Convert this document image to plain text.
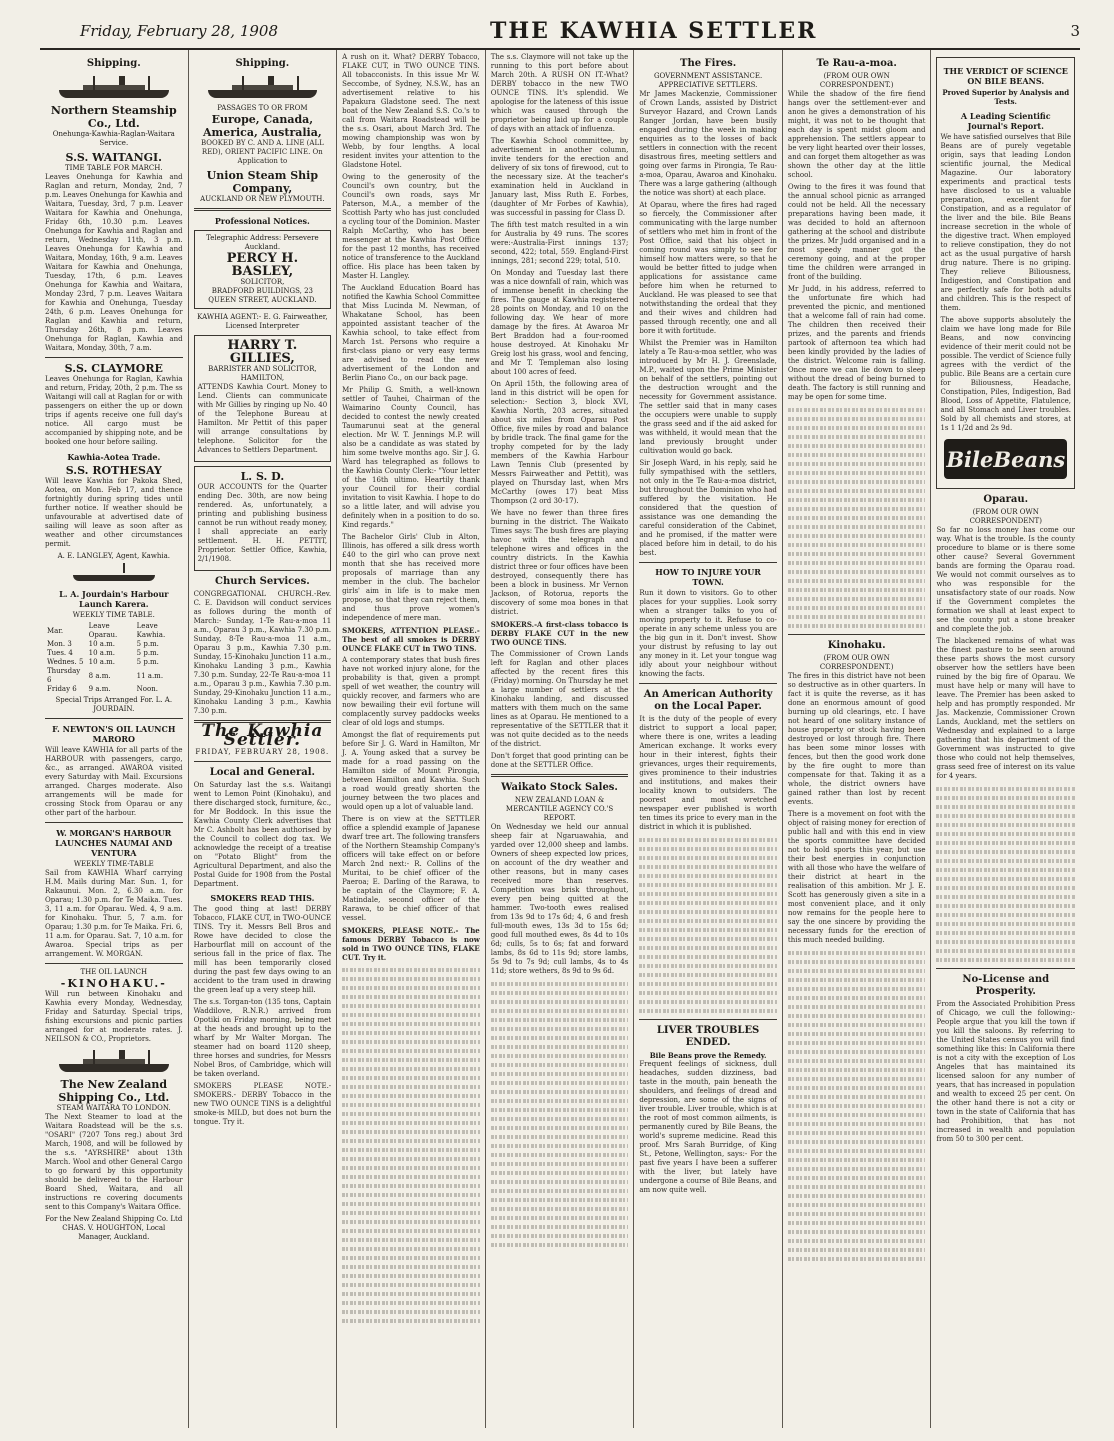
Friday, February 28, 1908	THE KAWHIA SETTLER	3
Shipping.
Northern Steamship Co., Ltd.
Onehunga-Kawhia-Raglan-Waitara Service.
S.S. WAITANGI.
TIME TABLE FOR MARCH.
Leaves Onehunga for Kawhia and Raglan and return, Monday, 2nd, 7 p.m. Leaves Onehunga for Kawhia and Waitara, Tuesday, 3rd, 7 p.m. Leaver Waitara for Kawhia and Onehunga, Friday 6th, 10.30 p.m. Leaves Onehunga for Kawhia and Raglan and return, Wednesday 11th, 3 p.m. Leaves Onehunga for Kawhia and Waitara, Monday, 16th, 9 a.m. Leaves Waitara for Kawhia and Onehunga, Tuesday, 17th, 6 p.m. Leaves Onehunga for Kawhia and Waitara, Monday 23rd, 7 p.m. Leaves Waitara for Kawhia and Onehunga, Tuesday 24th, 6 p.m. Leaves Onehunga for Raglan and Kawhia and return, Thursday 26th, 8 p.m. Leaves Onehunga for Raglan, Kawhia and Waitara, Monday, 30th, 7 a.m.
S.S. CLAYMORE
Leaves Onehunga for Raglan, Kawhia and return, Friday, 20th, 2 p.m. The ss Waitangi will call at Raglan for or with passengers on either the up or down trips if agents receive one full day's notice. All cargo must be accompanied by shipping note, and be booked one hour before sailing.
Kawhia-Aotea Trade.
S.S. ROTHESAY
Will leave Kawhia for Pakoka Shed, Aotea, on Mon. Feb 17, and thence fortnightly during spring tides until further notice. If weather should be unfavourable at advertised date of sailing will leave as soon after as weather and other circumstances permit.
A. E. LANGLEY, Agent, Kawhia.
L. A. Jourdain's Harbour Launch Karera.
WEEKLY TIME TABLE.
Mar.	Leave Oparau.	Leave Kawhia.
Mon. 3	10 a.m.	5 p.m.
Tues. 4	10 a.m.	5 p.m.
Wednes. 5	10 a.m.	5 p.m.
Thursday 6	8 a.m.	11 a.m.
Friday 6	9 a.m.	Noon.
Special Trips Arranged For. L. A. JOURDAIN.
F. NEWTON'S OIL LAUNCH MARORO
Will leave KAWHIA for all parts of the HARBOUR with passengers, cargo, &c., as arranged. AWAROA visited every Saturday with Mail. Excursions arranged. Charges moderate. Also arrangements will be made for crossing Stock from Oparau or any other part of the harbour.
W. MORGAN'S HARBOUR LAUNCHES NAUMAI AND VENTURA
WEEKLY TIME-TABLE
Sail from KAWHIA Wharf carrying H.M. Mails during Mar. Sun. 1, for Rakaunui. Mon. 2, 6.30 a.m. for Oparau; 1.30 p.m. for Te Maika. Tues. 3, 11 a.m. for Oparau. Wed. 4, 9 a.m. for Kinohaku. Thur. 5, 7 a.m. for Oparau; 1.30 p.m. for Te Maika. Fri. 6, 11 a.m. for Oparau. Sat. 7, 10 a.m. for Awaroa. Special trips as per arrangement. W. MORGAN.
THE OIL LAUNCH
-KINOHAKU.-
Will run between Kinohaku and Kawhia every Monday, Wednesday, Friday and Saturday. Special trips, fishing excursions and picnic parties arranged for at moderate rates. J. NEILSON & CO., Proprietors.
The New Zealand Shipping Co., Ltd.
STEAM WAITARA TO LONDON.
The Next Steamer to load at the Waitara Roadstead will be the s.s. "OSARI" (7207 Tons reg.) about 3rd March, 1908, and will be followed by the s.s. "AYRSHIRE" about 13th March. Wool and other General Cargo to go forward by this opportunity should be delivered to the Harbour Board Shed, Waitara, and all instructions re covering documents sent to this Company's Waitara Office.
For the New Zealand Shipping Co. Ltd CHAS. V. HOUGHTON, Local Manager, Auckland.
Shipping.
PASSAGES TO OR FROM
Europe, Canada, America, Australia,
BOOKED BY C. AND A. LINE (ALL RED), ORIENT PACIFIC LINE. On Application to
Union Steam Ship Company,
AUCKLAND OR NEW PLYMOUTH.
Professional Notices.
Telegraphic Address: Persevere Auckland.
PERCY H. BASLEY,
SOLICITOR,
BRADFORD BUILDINGS, 23 QUEEN STREET, AUCKLAND.
KAWHIA AGENT:- E. G. Fairweather, Licensed Interpreter
HARRY T. GILLIES,
BARRISTER AND SOLICITOR, HAMILTON,
ATTENDS Kawhia Court. Money to Lend. Clients can communicate with Mr Gillies by ringing up No. 40 of the Telephone Bureau at Hamilton. Mr Pettit of this paper will arrange consultations by telephone. Solicitor for the Advances to Settlers Department.
L. S. D.
OUR ACCOUNTS for the Quarter ending Dec. 30th, are now being rendered. As, unfortunately, a printing and publishing business cannot be run without ready money, I shall appreciate an early settlement. H. H. PETTIT, Proprietor. Settler Office, Kawhia, 2/1/1908.
Church Services.
CONGREGATIONAL CHURCH.-Rev. C. E. Davidson will conduct services as follows during the month of March:- Sunday, 1-Te Rau-a-moa 11 a.m., Oparau 3 p.m., Kawhia 7.30 p.m. Sunday, 8-Te Rau-a-moa 11 a.m., Oparau 3 p.m., Kawhia 7.30 p.m. Sunday, 15-Kinohaku Junction 11 a.m., Kinohaku Landing 3 p.m., Kawhia 7.30 p.m. Sunday, 22-Te Rau-a-moa 11 a.m., Oparau 3 p.m., Kawhia 7.30 p.m. Sunday, 29-Kinohaku Junction 11 a.m., Kinohaku Landing 3 p.m., Kawhia 7.30 p.m.
The Kawhia Settler.
FRIDAY, FEBRUARY 28, 1908.
Local and General.
On Saturday last the s.s. Waitangi went to Lemon Point (Kinohaku), and there discharged stock, furniture, &c., for Mr Boddock. In this issue the Kawhia County Clerk advertises that Mr C. Ashbolt has been authorised by the Council to collect dog tax. We acknowledge the receipt of a treatise on "Potato Blight" from the Agricultural Department, and also the Postal Guide for 1908 from the Postal Department.
SMOKERS READ THIS.
The good thing at last! DERBY Tobacco, FLAKE CUT, in TWO-OUNCE TINS. Try it. Messrs Bell Bros and Rowe have decided to close the Harbourflat mill on account of the serious fall in the price of flax. The mill has been temporarily closed during the past few days owing to an accident to the tram used in drawing the green leaf up a very steep hill.
The s.s. Torgan-ton (135 tons, Captain Waddilove, R.N.R.) arrived from Opotiki on Friday morning, being met at the heads and brought up to the wharf by Mr Walter Morgan. The steamer had on board 1120 sheep, three horses and sundries, for Messrs Nobel Bros, of Cambridge, which will be taken overland.
SMOKERS PLEASE NOTE.- SMOKERS.- DERBY Tobacco in the new TWO OUNCE TINS is a delightful smoke-is MILD, but does not burn the tongue. Try it.
A rush on it. What? DERBY Tobacco, FLAKE CUT, in TWO OUNCE TINS. All tobacconists. In this issue Mr W. Seccombe, of Sydney, N.S.W., has an advertisement relative to his Papakura Gladstone seed. The next boat of the New Zealand S.S. Co.'s to call from Waitara Roadstead will be the s.s. Osari, about March 3rd. The mowing championship was won by Webb, by four lengths. A local resident invites your attention to the Gladstone Hotel.
Owing to the generosity of the Council's own country, but the Council's own roads, says Mr Paterson, M.A., a member of the Scottish Party who has just concluded a cycling tour of the Dominion. Master Ralph McCarthy, who has been messenger at the Kawhia Post Office for the past 12 months, has received notice of transference to the Auckland office. His place has been taken by Master H. Langley.
The Auckland Education Board has notified the Kawhia School Committee that Miss Lucinda M. Newman, of Whakatane School, has been appointed assistant teacher of the Kawhia school, to take effect from March 1st. Persons who require a first-class piano or very easy terms are advised to read the new advertisement of the London and Berlin Piano Co., on our back page.
Mr Philip G. Smith, a well-known settler of Tauhei, Chairman of the Waimarino County Council, has decided to contest the newly created Taumarunui seat at the general election. Mr W. T. Jennings M.P. will also be a candidate as was stated by him some twelve months ago. Sir J. G. Ward has telegraphed as follows to the Kawhia County Clerk:- "Your letter of the 16th ultimo. Heartily thank your Council for their cordial invitation to visit Kawhia. I hope to do so a little later, and will advise you definitely when in a position to do so. Kind regards."
The Bachelor Girls' Club in Alton, Illinois, has offered a silk dress worth £40 to the girl who can prove next month that she has received more proposals of marriage than any member in the club. The bachelor girls' aim in life is to make men propose, so that they can reject them, and thus prove women's independence of mere man.
SMOKERS, ATTENTION PLEASE.- The best of all smokes is DERBY OUNCE FLAKE CUT in TWO TINS.
A contemporary states that bush fires have not worked injury alone, for the probability is that, given a prompt spell of wet weather, the country will quickly recover, and farmers who are now bewailing their evil fortune will complacently survey paddocks weeks clear of old logs and stumps.
Amongst the flat of requirements put before Sir J. G. Ward in Hamilton, Mr J. A. Young asked that a survey be made for a road passing on the Hamilton side of Mount Pirongia, between Hamilton and Kawhia. Such a road would greatly shorten the journey between the two places and would open up a lot of valuable land.
There is on view at the SETTLER office a splendid example of Japanese dwarf tree art. The following transfers of the Northern Steamship Company's officers will take effect on or before March 2nd next:- R. Collins of the Muritai, to be chief officer of the Paeroa; E. Darling of the Rarawa, to be captain of the Claymore; F. A. Matindale, second officer of the Rarawa, to be chief officer of that vessel.
SMOKERS, PLEASE NOTE.- The famous DERBY Tobacco is now sold in TWO OUNCE TINS, FLAKE CUT. Try it.
The s.s. Claymore will not take up the running to this port before about March 20th. A RUSH ON IT.-What? DERBY tobacco in the new TWO OUNCE TINS. It's splendid. We apologise for the lateness of this issue which was caused through the proprietor being laid up for a couple of days with an attack of influenza.
The Kawhia School committee, by advertisement in another column, invite tenders for the erection and delivery of six tons of firewood, cut to the necessary size. At the teacher's examination held in Auckland in January last, Miss Ruth E. Forbes, (daughter of Mr Forbes of Kawhia), was successful in passing for Class D.
The fifth test match resulted in a win for Australia by 49 runs. The scores were:-Australia-First innings 137; second, 422; total, 559. England-First innings, 281; second 229; total, 510.
On Monday and Tuesday last there was a nice downfall of rain, which was of immense benefit in checking the fires. The gauge at Kawhia registered 28 points on Monday, and 10 on the following day. We hear of more damage by the fires. At Awaroa Mr Bert Braddon had a four-roomed house destroyed. At Kinohaku Mr Greig lost his grass, wool and fencing, and Mr T. Templeman also losing about 100 acres of feed.
On April 15th, the following area of land in this district will be open for selection:- Section 3, block XVI, Kawhia North, 203 acres, situated about six miles from Oparau Post Office, five miles by road and balance by bridle track. The final game for the trophy competed for by the lady members of the Kawhia Harbour Lawn Tennis Club (presented by Messrs Fairweather and Pettit), was played on Thursday last, when Mrs McCarthy (owes 17) beat Miss Thompson (2 ord 30-17).
We have no fewer than three fires burning in the district. The Waikato Times says: The bush fires are playing havoc with the telegraph and telephone wires and offices in the country districts. In the Kawhia district three or four offices have been destroyed, consequently there has been a block in business. Mr Vernon Jackson, of Rotorua, reports the discovery of some moa bones in that district.
SMOKERS.-A first-class tobacco is DERBY FLAKE CUT in the new TWO OUNCE TINS.
The Commissioner of Crown Lands left for Raglan and other places affected by the recent fires this (Friday) morning. On Thursday he met a large number of settlers at the Kinohaku landing, and discussed matters with them much on the same lines as at Oparau. He mentioned to a representative of the SETTLER that it was not quite decided as to the needs of the district.
Don't forget that good printing can be done at the SETTLER Office.
Waikato Stock Sales.
NEW ZEALAND LOAN & MERCANTILE AGENCY CO.'S REPORT.
On Wednesday we held our annual sheep fair at Ngaruawahia, and yarded over 12,000 sheep and lambs. Owners of sheep expected low prices, on account of the dry weather and other reasons, but in many cases received more than reserves. Competition was brisk throughout, every pen being quitted at the hammer. Two-tooth ewes realised from 13s 9d to 17s 6d; 4, 6 and fresh full-mouth ewes, 13s 3d to 15s 6d; good full mouthed ewes, 8s 4d to 10s 6d; culls, 5s to 6s; fat and forward lambs, 8s 6d to 11s 9d; store lambs, 5s 9d to 7s 9d; cull lambs, 4s to 4s 11d; store wethers, 8s 9d to 9s 6d.
The Fires.
GOVERNMENT ASSISTANCE.
APPRECIATIVE SETTLERS.
Mr James Mackenzie, Commissioner of Crown Lands, assisted by District Surveyor Hazard, and Crown Lands Ranger Jordan, have been busily engaged during the week in making enquiries as to the losses of back settlers in connection with the recent disastrous fires, meeting settlers and going over farms in Pirongia, Te Rau-a-moa, Oparau, Awaroa and Kinohaku. There was a large gathering (although the notice was short) at each place.
At Oparau, where the fires had raged so fiercely, the Commissioner after communicating with the large number of settlers who met him in front of the Post Office, said that his object in coming round was simply to see for himself how matters were, so that he would be better fitted to judge when applications for assistance came before him when he returned to Auckland. He was pleased to see that notwithstanding the ordeal that they and their wives and children had passed through recently, one and all bore it with fortitude.
Whilst the Premier was in Hamilton lately a Te Rau-a-moa settler, who was introduced by Mr H. J. Greenslade, M.P., waited upon the Prime Minister on behalf of the settlers, pointing out the destruction wrought and the necessity for Government assistance. The settler said that in many cases the occupiers were unable to supply the grass seed and if the aid asked for was withheld, it would mean that the land previously brought under cultivation would go back.
Sir Joseph Ward, in his reply, said he fully sympathised with the settlers, not only in the Te Rau-a-moa district, but throughout the Dominion who had suffered by the visitation. He considered that the question of assistance was one demanding the careful consideration of the Cabinet, and he promised, if the matter were placed before him in detail, to do his best.
HOW TO INJURE YOUR TOWN.
Run it down to visitors. Go to other places for your supplies. Look sorry when a stranger talks to you of moving property to it. Refuse to co-operate in any scheme unless you are the big gun in it. Don't invest. Show your distrust by refusing to lay out any money in it. Let your tongue wag idly about your neighbour without knowing the facts.
An American Authority on the Local Paper.
It is the duty of the people of every district to support a local paper, where there is one, writes a leading American exchange. It works every hour in their interest, fights their grievances, urges their requirements, gives prominence to their industries and institutions, and makes their locality known to outsiders. The poorest and most wretched newspaper ever published is worth ten times its price to every man in the district in which it is published.
LIVER TROUBLES ENDED.
Bile Beans prove the Remedy.
Frequent feelings of sickness, dull headaches, sudden dizziness, bad taste in the mouth, pain beneath the shoulders, and feelings of dread and depression, are some of the signs of liver trouble. Liver trouble, which is at the root of most common ailments, is permanently cured by Bile Beans, the world's supreme medicine. Read this proof. Mrs Sarah Burridge, of King St., Petone, Wellington, says:- For the past five years I have been a sufferer with the liver, but lately have undergone a course of Bile Beans, and am now quite well.
Te Rau-a-moa.
(FROM OUR OWN CORRESPONDENT.)
While the shadow of the fire fiend hangs over the settlement-ever and anon he gives a demonstration of his might, it was not to be thought that each day is spent midst gloom and apprehension. The settlers appear to be very light hearted over their losses, and can forget them altogether as was shown the other day at the little school.
Owing to the fires it was found that the annual school picnic as arranged could not be held. All the necessary preparations having been made, it was decided to hold an afternoon gathering at the school and distribute the prizes. Mr Judd organised and in a most speedy manner got the ceremony going, and at the proper time the children were arranged in front of the building.
Mr Judd, in his address, referred to the unfortunate fire which had prevented the picnic, and mentioned that a welcome fall of rain had come. The children then received their prizes, and the parents and friends partook of afternoon tea which had been kindly provided by the ladies of the district. Welcome rain is falling. Once more we can lie down to sleep without the dread of being burned to death. The factory is still running and may be open for some time.
Kinohaku.
(FROM OUR OWN CORRESPONDENT.)
The fires in this district have not been so destructive as in other quarters. In fact it is quite the reverse, as it has done an enormous amount of good burning up old clearings, etc. I have not heard of one solitary instance of house property or stock having been destroyed or lost through fire. There has been some minor losses with fences, but then the good work done by the fire ought to more than compensate for that. Taking it as a whole, the district owners have gained rather than lost by recent events.
There is a movement on foot with the object of raising money for erection of public hall and with this end in view the sports committee have decided not to hold sports this year, but use their best energies in conjunction with all those who have the welfare of their district at heart in the realisation of this ambition. Mr J. E. Scott has generously given a site in a most convenient place, and it only now remains for the people here to say the one sincere by providing the necessary funds for the erection of this much needed building.
THE VERDICT OF SCIENCE ON BILE BEANS.
Proved Superior by Analysis and Tests.
A Leading Scientific Journal's Report.
We have satisfied ourselves that Bile Beans are of purely vegetable origin, says that leading London scientific journal, the Medical Magazine. Our laboratory experiments and practical tests have disclosed to us a valuable preparation, excellent for Constipation, and as a regulator of the liver and the bile. Bile Beans increase secretion in the whole of the digestive tract. When employed to relieve constipation, they do not act as the usual purgative of harsh drug nature. There is no griping. They relieve Biliousness, Indigestion, and Constipation and are perfectly safe for both adults and children. This is the respect of them.
The above supports absolutely the claim we have long made for Bile Beans, and now convincing evidence of their merit could not be possible. The verdict of Science fully agrees with the verdict of the public. Bile Beans are a certain cure for Biliousness, Headache, Constipation, Piles, Indigestion, Bad Blood, Loss of Appetite, Flatulence, and all Stomach and Liver troubles. Sold by all chemists and stores, at 1s 1 1/2d and 2s 9d.
BileBeans
Oparau.
(FROM OUR OWN CORRESPONDENT)
So far no loss money has come our way. What is the trouble. Is the county procedure to blame or is there some other cause? Several Government bands are forming the Oparau road. We would not commit ourselves as to who was responsible for the unsatisfactory state of our roads. Now if the Government completes the formation we shall at least expect to see the county put a stone breaker and complete the job.
The blackened remains of what was the finest pasture to be seen around these parts shows the most cursory observer how the settlers have been ruined by the big fire of Oparau. We must have help or many will have to leave. The Premier has been asked to help and has promptly responded. Mr Jas. Mackenzie, Commissioner Crown Lands, Auckland, met the settlers on Wednesday and explained to a large gathering that his department of the Government was instructed to give those who could not help themselves, grass seed free of interest on its value for 4 years.
No-License and Prosperity.
From the Associated Prohibition Press of Chicago, we cull the following:- People argue that you kill the town if you kill the saloons. By referring to the United States census you will find something like this: In California there is not a city with the exception of Los Angeles that has maintained its licensed saloon for any number of years, that has increased in population and wealth to exceed 25 per cent. On the other hand there is not a city or town in the state of California that has had Prohibition, that has not increased in wealth and population from 50 to 300 per cent.
